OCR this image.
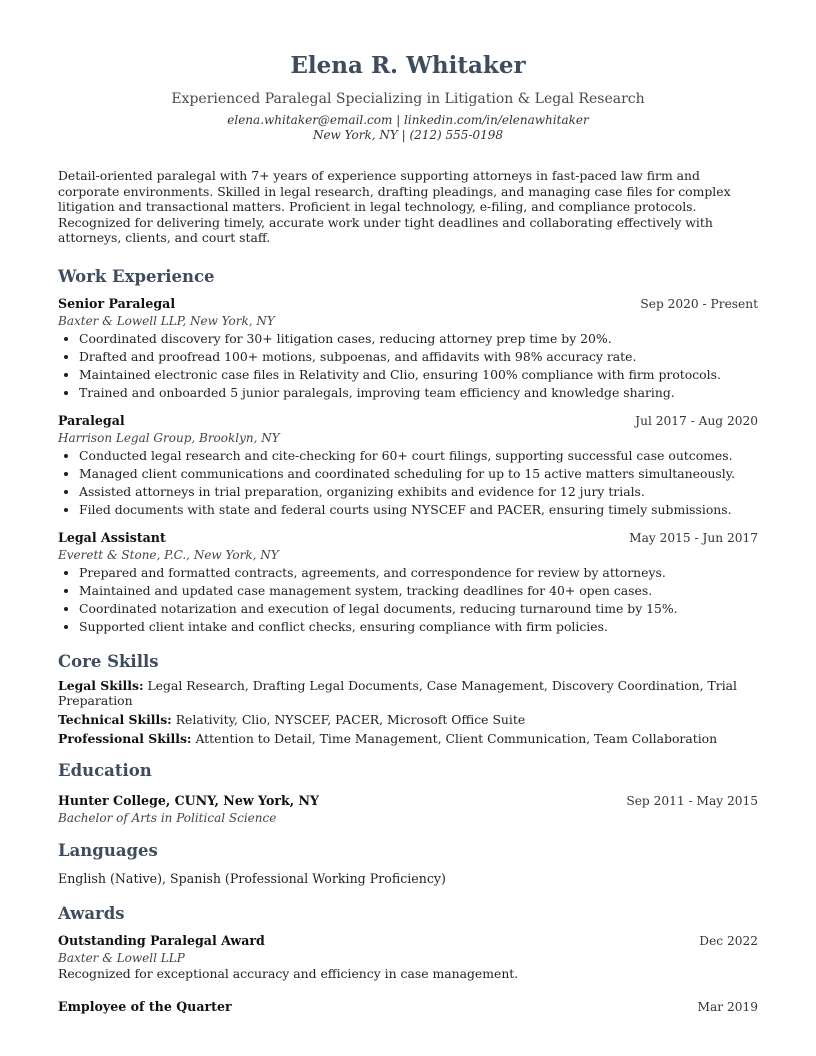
Elena R. Whitaker
Experienced Paralegal Specializing in Litigation & Legal Research
elena.whitaker@email.com | linkedin.com/in/elenawhitaker
New York, NY | (212) 555-0198
Detail-oriented paralegal with 7+ years of experience supporting attorneys in fast-paced law firm and corporate environments. Skilled in legal research, drafting pleadings, and managing case files for complex litigation and transactional matters. Proficient in legal technology, e-filing, and compliance protocols. Recognized for delivering timely, accurate work under tight deadlines and collaborating effectively with attorneys, clients, and court staff.
Work Experience
Senior Paralegal	Sep 2020 - Present
Baxter & Lowell LLP, New York, NY
• Coordinated discovery for 30+ litigation cases, reducing attorney prep time by 20%.
• Drafted and proofread 100+ motions, subpoenas, and affidavits with 98% accuracy rate.
• Maintained electronic case files in Relativity and Clio, ensuring 100% compliance with firm protocols.
• Trained and onboarded 5 junior paralegals, improving team efficiency and knowledge sharing.
Paralegal	Jul 2017 - Aug 2020
Harrison Legal Group, Brooklyn, NY
• Conducted legal research and cite-checking for 60+ court filings, supporting successful case outcomes.
• Managed client communications and coordinated scheduling for up to 15 active matters simultaneously.
• Assisted attorneys in trial preparation, organizing exhibits and evidence for 12 jury trials.
• Filed documents with state and federal courts using NYSCEF and PACER, ensuring timely submissions.
Legal Assistant	May 2015 - Jun 2017
Everett & Stone, P.C., New York, NY
• Prepared and formatted contracts, agreements, and correspondence for review by attorneys.
• Maintained and updated case management system, tracking deadlines for 40+ open cases.
• Coordinated notarization and execution of legal documents, reducing turnaround time by 15%.
• Supported client intake and conflict checks, ensuring compliance with firm policies.
Core Skills
Legal Skills: Legal Research, Drafting Legal Documents, Case Management, Discovery Coordination, Trial Preparation
Technical Skills: Relativity, Clio, NYSCEF, PACER, Microsoft Office Suite
Professional Skills: Attention to Detail, Time Management, Client Communication, Team Collaboration
Education
Hunter College, CUNY, New York, NY	Sep 2011 - May 2015
Bachelor of Arts in Political Science
Languages
English (Native), Spanish (Professional Working Proficiency)
Awards
Outstanding Paralegal Award	Dec 2022
Baxter & Lowell LLP
Recognized for exceptional accuracy and efficiency in case management.
Employee of the Quarter	Mar 2019
